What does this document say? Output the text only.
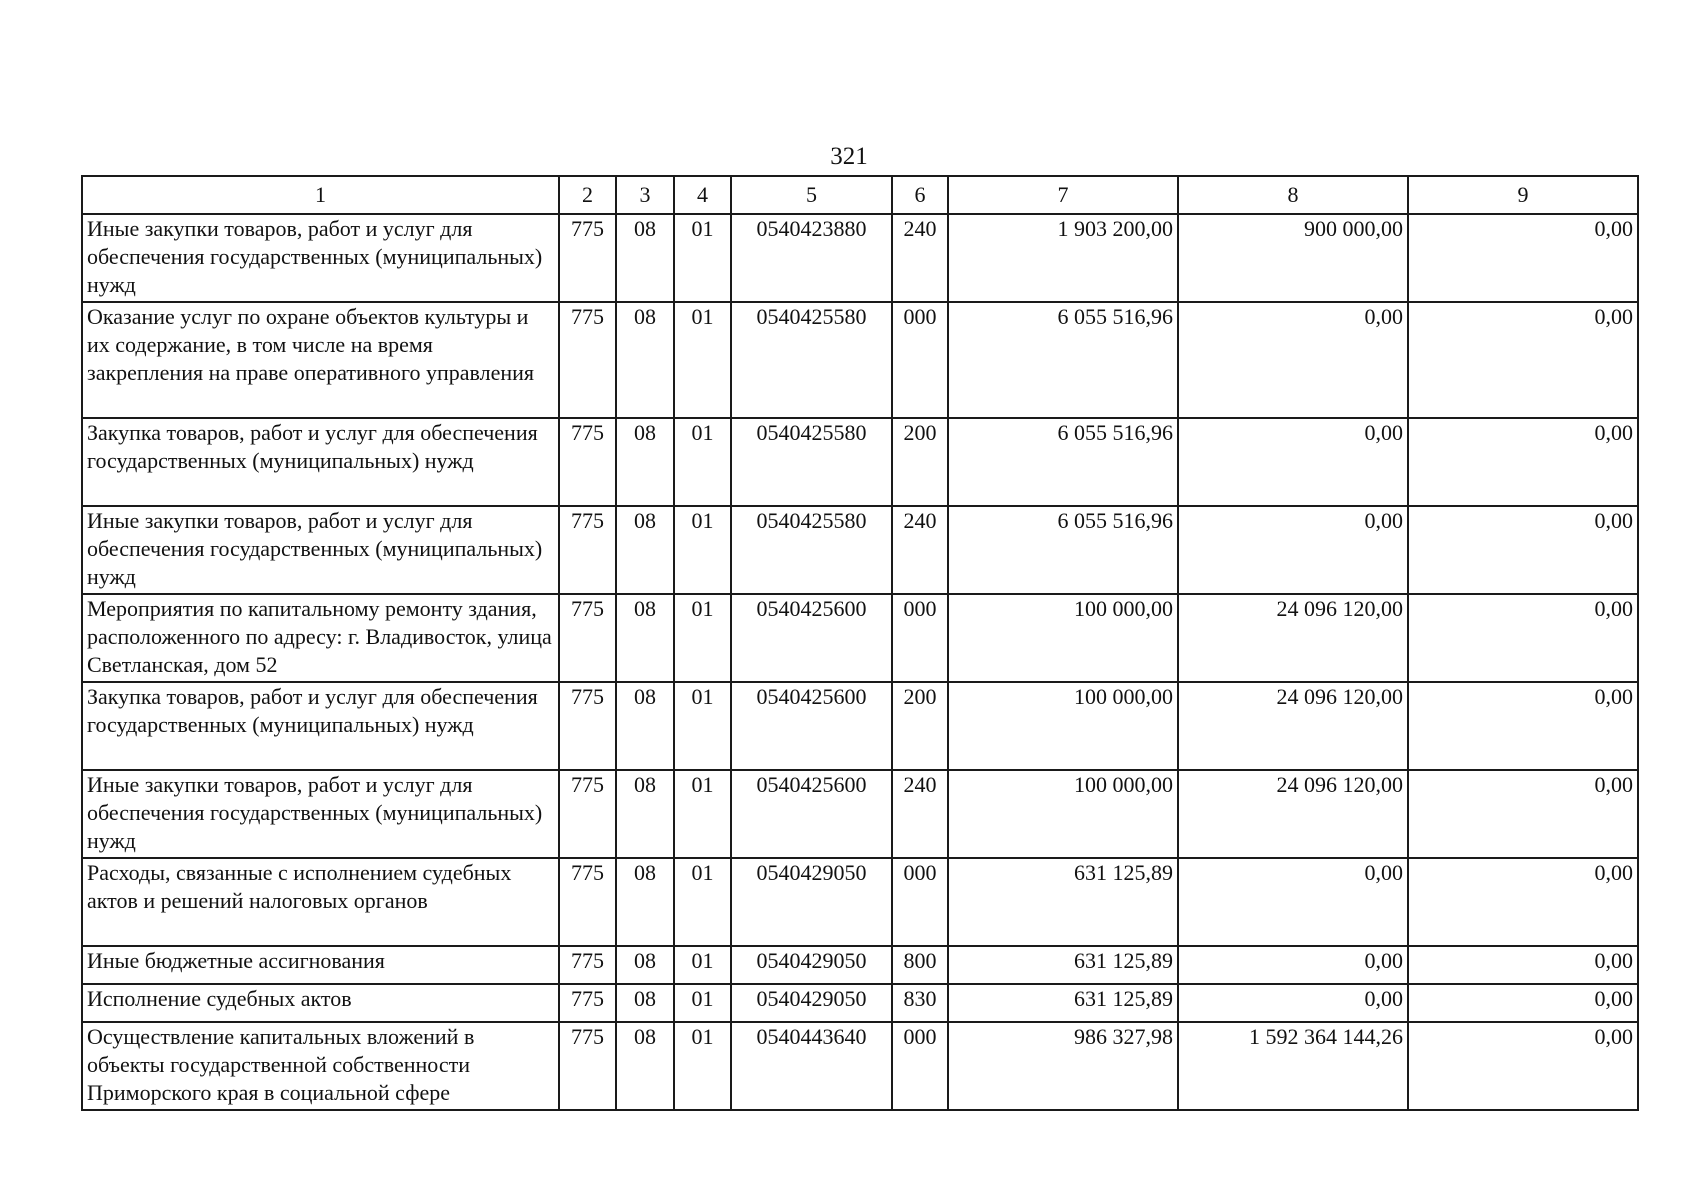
321
1	2	3	4	5	6	7	8	9
Иные закупки товаров, работ и услуг для обеспечения государственных (муниципальных) нужд	775	08	01	0540423880	240	1 903 200,00	900 000,00	0,00
Оказание услуг по охране объектов культуры и их содержание, в том числе на время закрепления на праве оперативного управления	775	08	01	0540425580	000	6 055 516,96	0,00	0,00
Закупка товаров, работ и услуг для обеспечения государственных (муниципальных) нужд	775	08	01	0540425580	200	6 055 516,96	0,00	0,00
Иные закупки товаров, работ и услуг для обеспечения государственных (муниципальных) нужд	775	08	01	0540425580	240	6 055 516,96	0,00	0,00
Мероприятия по капитальному ремонту здания, расположенного по адресу: г. Владивосток, улица Светланская, дом 52	775	08	01	0540425600	000	100 000,00	24 096 120,00	0,00
Закупка товаров, работ и услуг для обеспечения государственных (муниципальных) нужд	775	08	01	0540425600	200	100 000,00	24 096 120,00	0,00
Иные закупки товаров, работ и услуг для обеспечения государственных (муниципальных) нужд	775	08	01	0540425600	240	100 000,00	24 096 120,00	0,00
Расходы, связанные с исполнением судебных актов и решений налоговых органов	775	08	01	0540429050	000	631 125,89	0,00	0,00
Иные бюджетные ассигнования	775	08	01	0540429050	800	631 125,89	0,00	0,00
Исполнение судебных актов	775	08	01	0540429050	830	631 125,89	0,00	0,00
Осуществление капитальных вложений в объекты государственной собственности Приморского края в социальной сфере	775	08	01	0540443640	000	986 327,98	1 592 364 144,26	0,00
